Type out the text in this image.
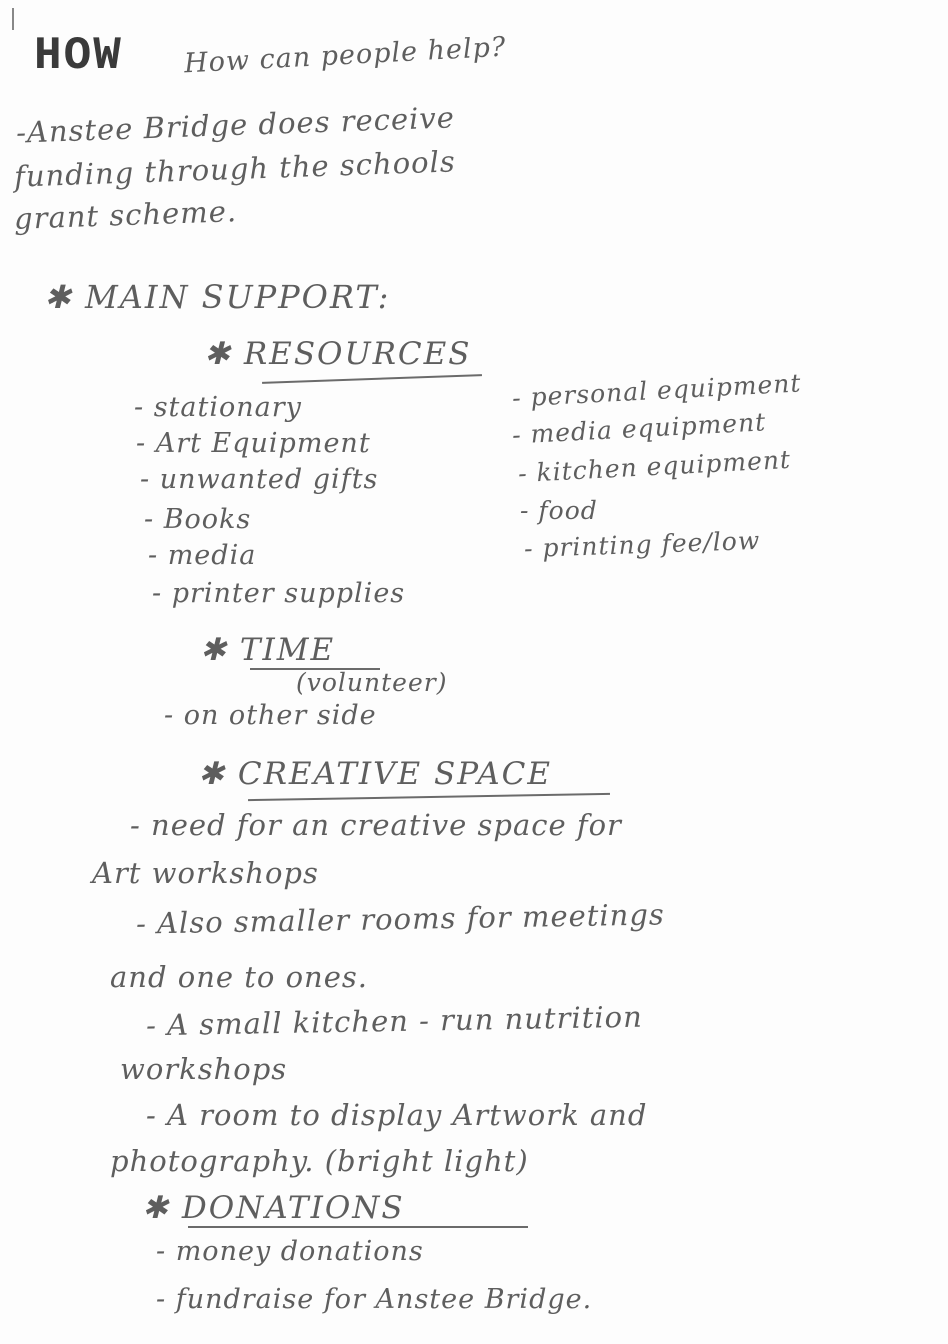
HOW How can people help?
-Anstee Bridge does receive
funding through the schools
grant scheme.
✱ MAIN SUPPORT:
✱ RESOURCES
- stationary
- Art Equipment
- unwanted gifts
- Books
- media
- printer supplies
- personal equipment
- media equipment
- kitchen equipment
- food
- printing fee/low
✱ TIME
(volunteer)
- on other side
✱ CREATIVE SPACE
- need for an creative space for
Art workshops
- Also smaller rooms for meetings
and one to ones.
- A small kitchen - run nutrition
workshops
- A room to display Artwork and
photography. (bright light)
✱ DONATIONS
- money donations
- fundraise for Anstee Bridge.
